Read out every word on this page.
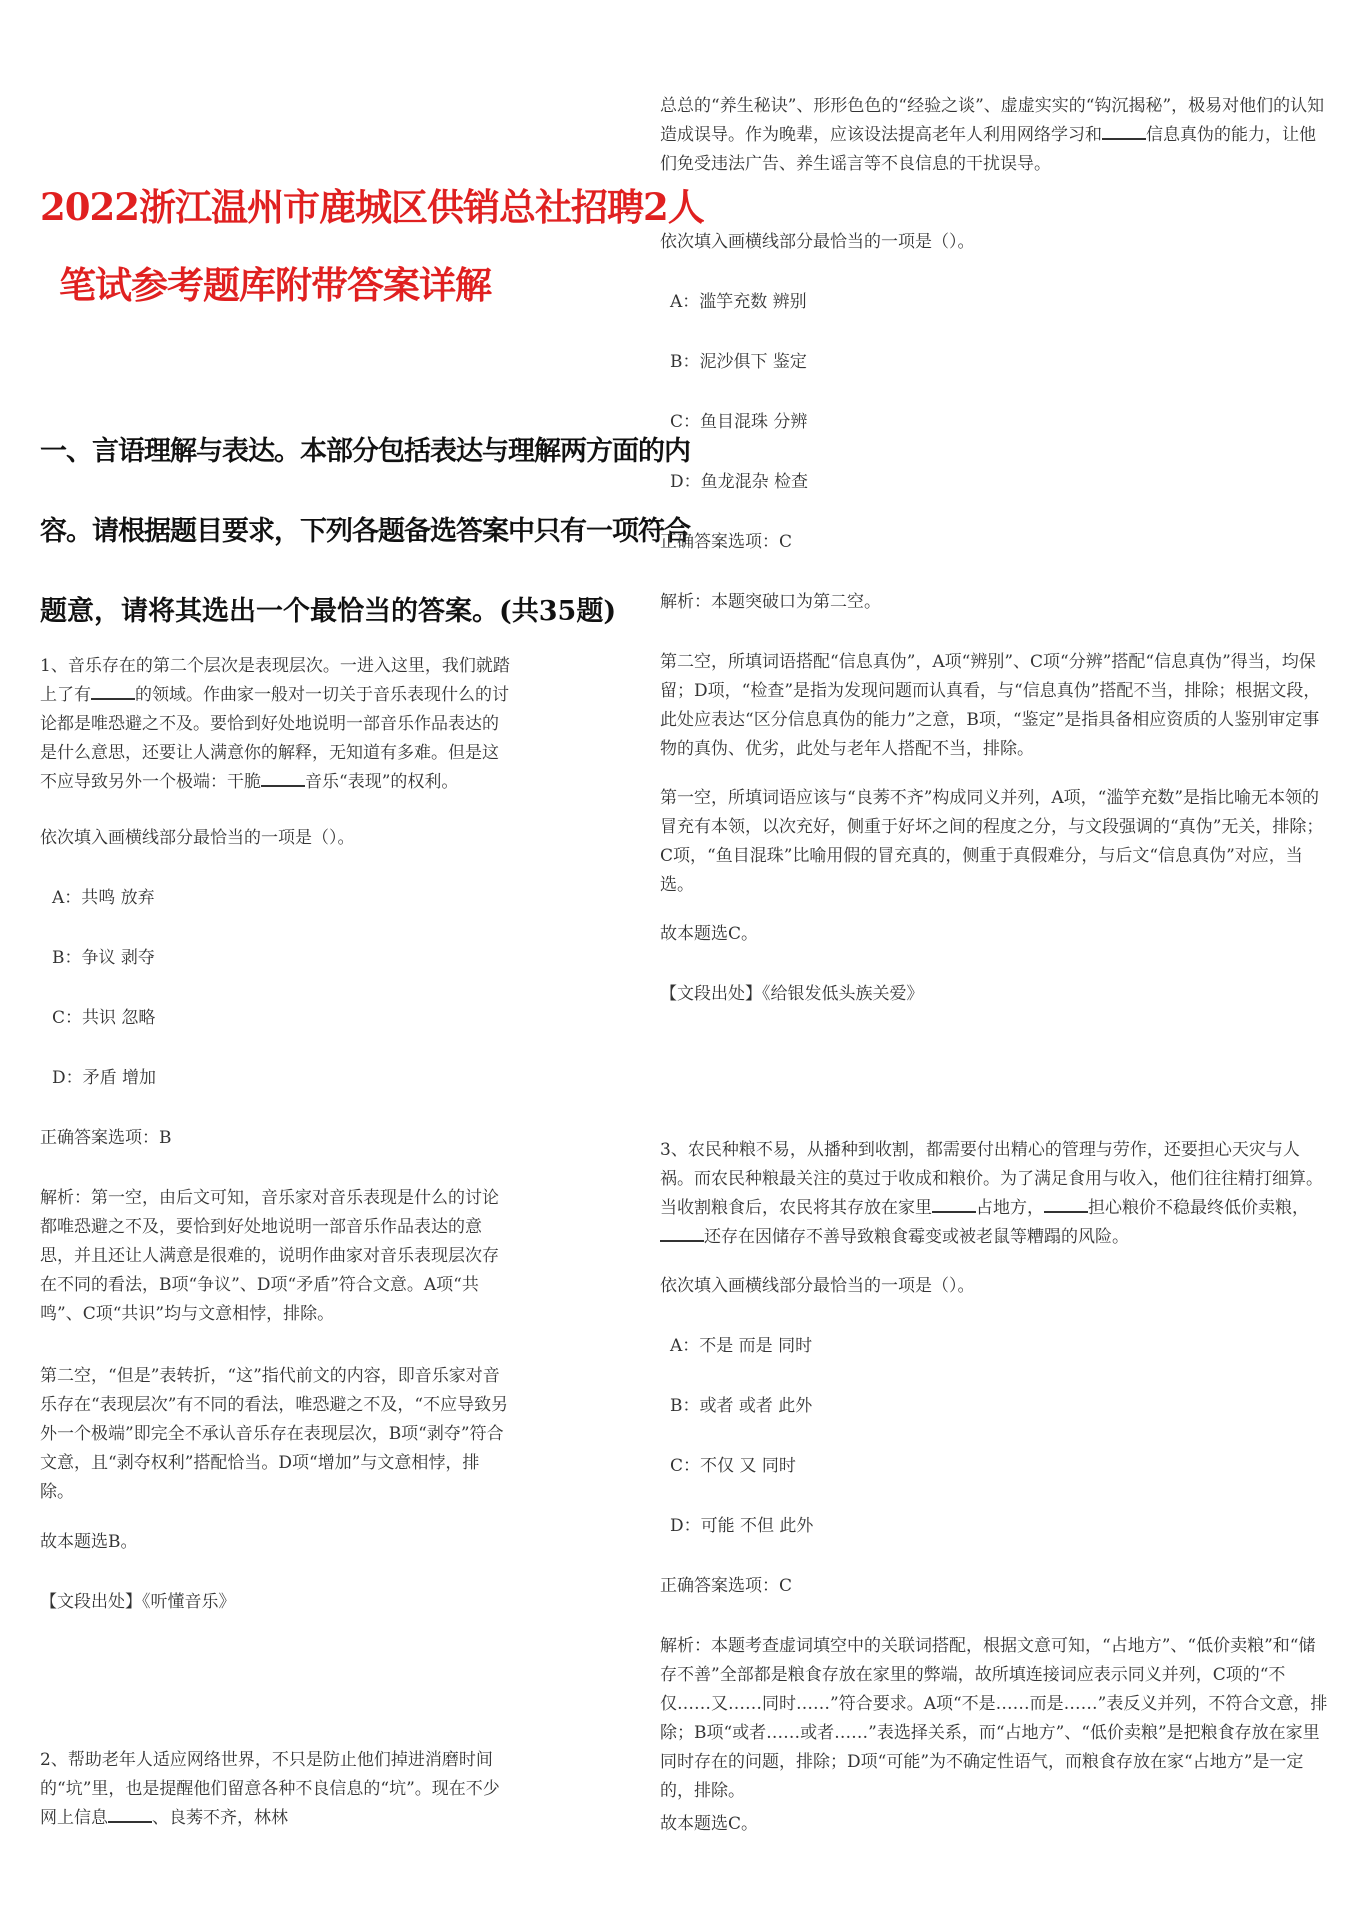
2022浙江温州市鹿城区供销总社招聘2人
笔试参考题库附带答案详解
一、言语理解与表达。本部分包括表达与理解两方面的内
容。请根据题目要求，下列各题备选答案中只有一项符合
题意，请将其选出一个最恰当的答案。(共35题)

1、音乐存在的第二个层次是表现层次。一进入这里，我们就踏上了有	的领域。作曲家一般对一切关于音乐表现什么的讨论都是唯恐避之不及。要恰到好处地说明一部音乐作品表达的是什么意思，还要让人满意你的解释，无知道有多难。但是这不应导致另外一个极端：干脆	音乐“表现”的权利。

依次填入画横线部分最恰当的一项是（）。

A：共鸣 放弃
B：争议 剥夺
C：共识 忽略
D：矛盾 增加

正确答案选项：B

解析：第一空，由后文可知，音乐家对音乐表现是什么的讨论都唯恐避之不及，要恰到好处地说明一部音乐作品表达的意思，并且还让人满意是很难的，说明作曲家对音乐表现层次存在不同的看法，B项“争议”、D项“矛盾”符合文意。A项“共鸣”、C项“共识”均与文意相悖，排除。

第二空，“但是”表转折，“这”指代前文的内容，即音乐家对音乐存在“表现层次”有不同的看法，唯恐避之不及，“不应导致另外一个极端”即完全不承认音乐存在表现层次，B项“剥夺”符合文意，且“剥夺权利”搭配恰当。D项“增加”与文意相悖，排除。

故本题选B。

【文段出处】《听懂音乐》

2、帮助老年人适应网络世界，不只是防止他们掉进消磨时间的“坑”里，也是提醒他们留意各种不良信息的“坑”。现在不少网上信息	、良莠不齐，林林

总总的“养生秘诀”、形形色色的“经验之谈”、虚虚实实的“钩沉揭秘”，极易对他们的认知造成误导。作为晚辈，应该设法提高老年人利用网络学习和	信息真伪的能力，让他们免受违法广告、养生谣言等不良信息的干扰误导。

依次填入画横线部分最恰当的一项是（）。

A：滥竽充数 辨别
B：泥沙俱下 鉴定
C：鱼目混珠 分辨
D：鱼龙混杂 检查

正确答案选项：C

解析：本题突破口为第二空。

第二空，所填词语搭配“信息真伪”，A项“辨别”、C项“分辨”搭配“信息真伪”得当，均保留；D项，“检查”是指为发现问题而认真看，与“信息真伪”搭配不当，排除；根据文段，此处应表达“区分信息真伪的能力”之意，B项，“鉴定”是指具备相应资质的人鉴别审定事物的真伪、优劣，此处与老年人搭配不当，排除。

第一空，所填词语应该与“良莠不齐”构成同义并列，A项，“滥竽充数”是指比喻无本领的冒充有本领，以次充好，侧重于好坏之间的程度之分，与文段强调的“真伪”无关，排除；C项，“鱼目混珠”比喻用假的冒充真的，侧重于真假难分，与后文“信息真伪”对应，当选。

故本题选C。

【文段出处】《给银发低头族关爱》

3、农民种粮不易，从播种到收割，都需要付出精心的管理与劳作，还要担心天灾与人祸。而农民种粮最关注的莫过于收成和粮价。为了满足食用与收入，他们往往精打细算。当收割粮食后，农民将其存放在家里	占地方，	担心粮价不稳最终低价卖粮，还存在因储存不善导致粮食霉变或被老鼠等糟蹋的风险。

依次填入画横线部分最恰当的一项是（）。

A：不是 而是 同时
B：或者 或者 此外
C：不仅 又 同时
D：可能 不但 此外

正确答案选项：C

解析：本题考查虚词填空中的关联词搭配，根据文意可知，“占地方”、“低价卖粮”和“储存不善”全部都是粮食存放在家里的弊端，故所填连接词应表示同义并列，C项的“不仅……又……同时……”符合要求。A项“不是……而是……”表反义并列，不符合文意，排除；B项“或者……或者……”表选择关系，而“占地方”、“低价卖粮”是把粮食存放在家里同时存在的问题，排除；D项“可能”为不确定性语气，而粮食存放在家“占地方”是一定的，排除。

故本题选C。
